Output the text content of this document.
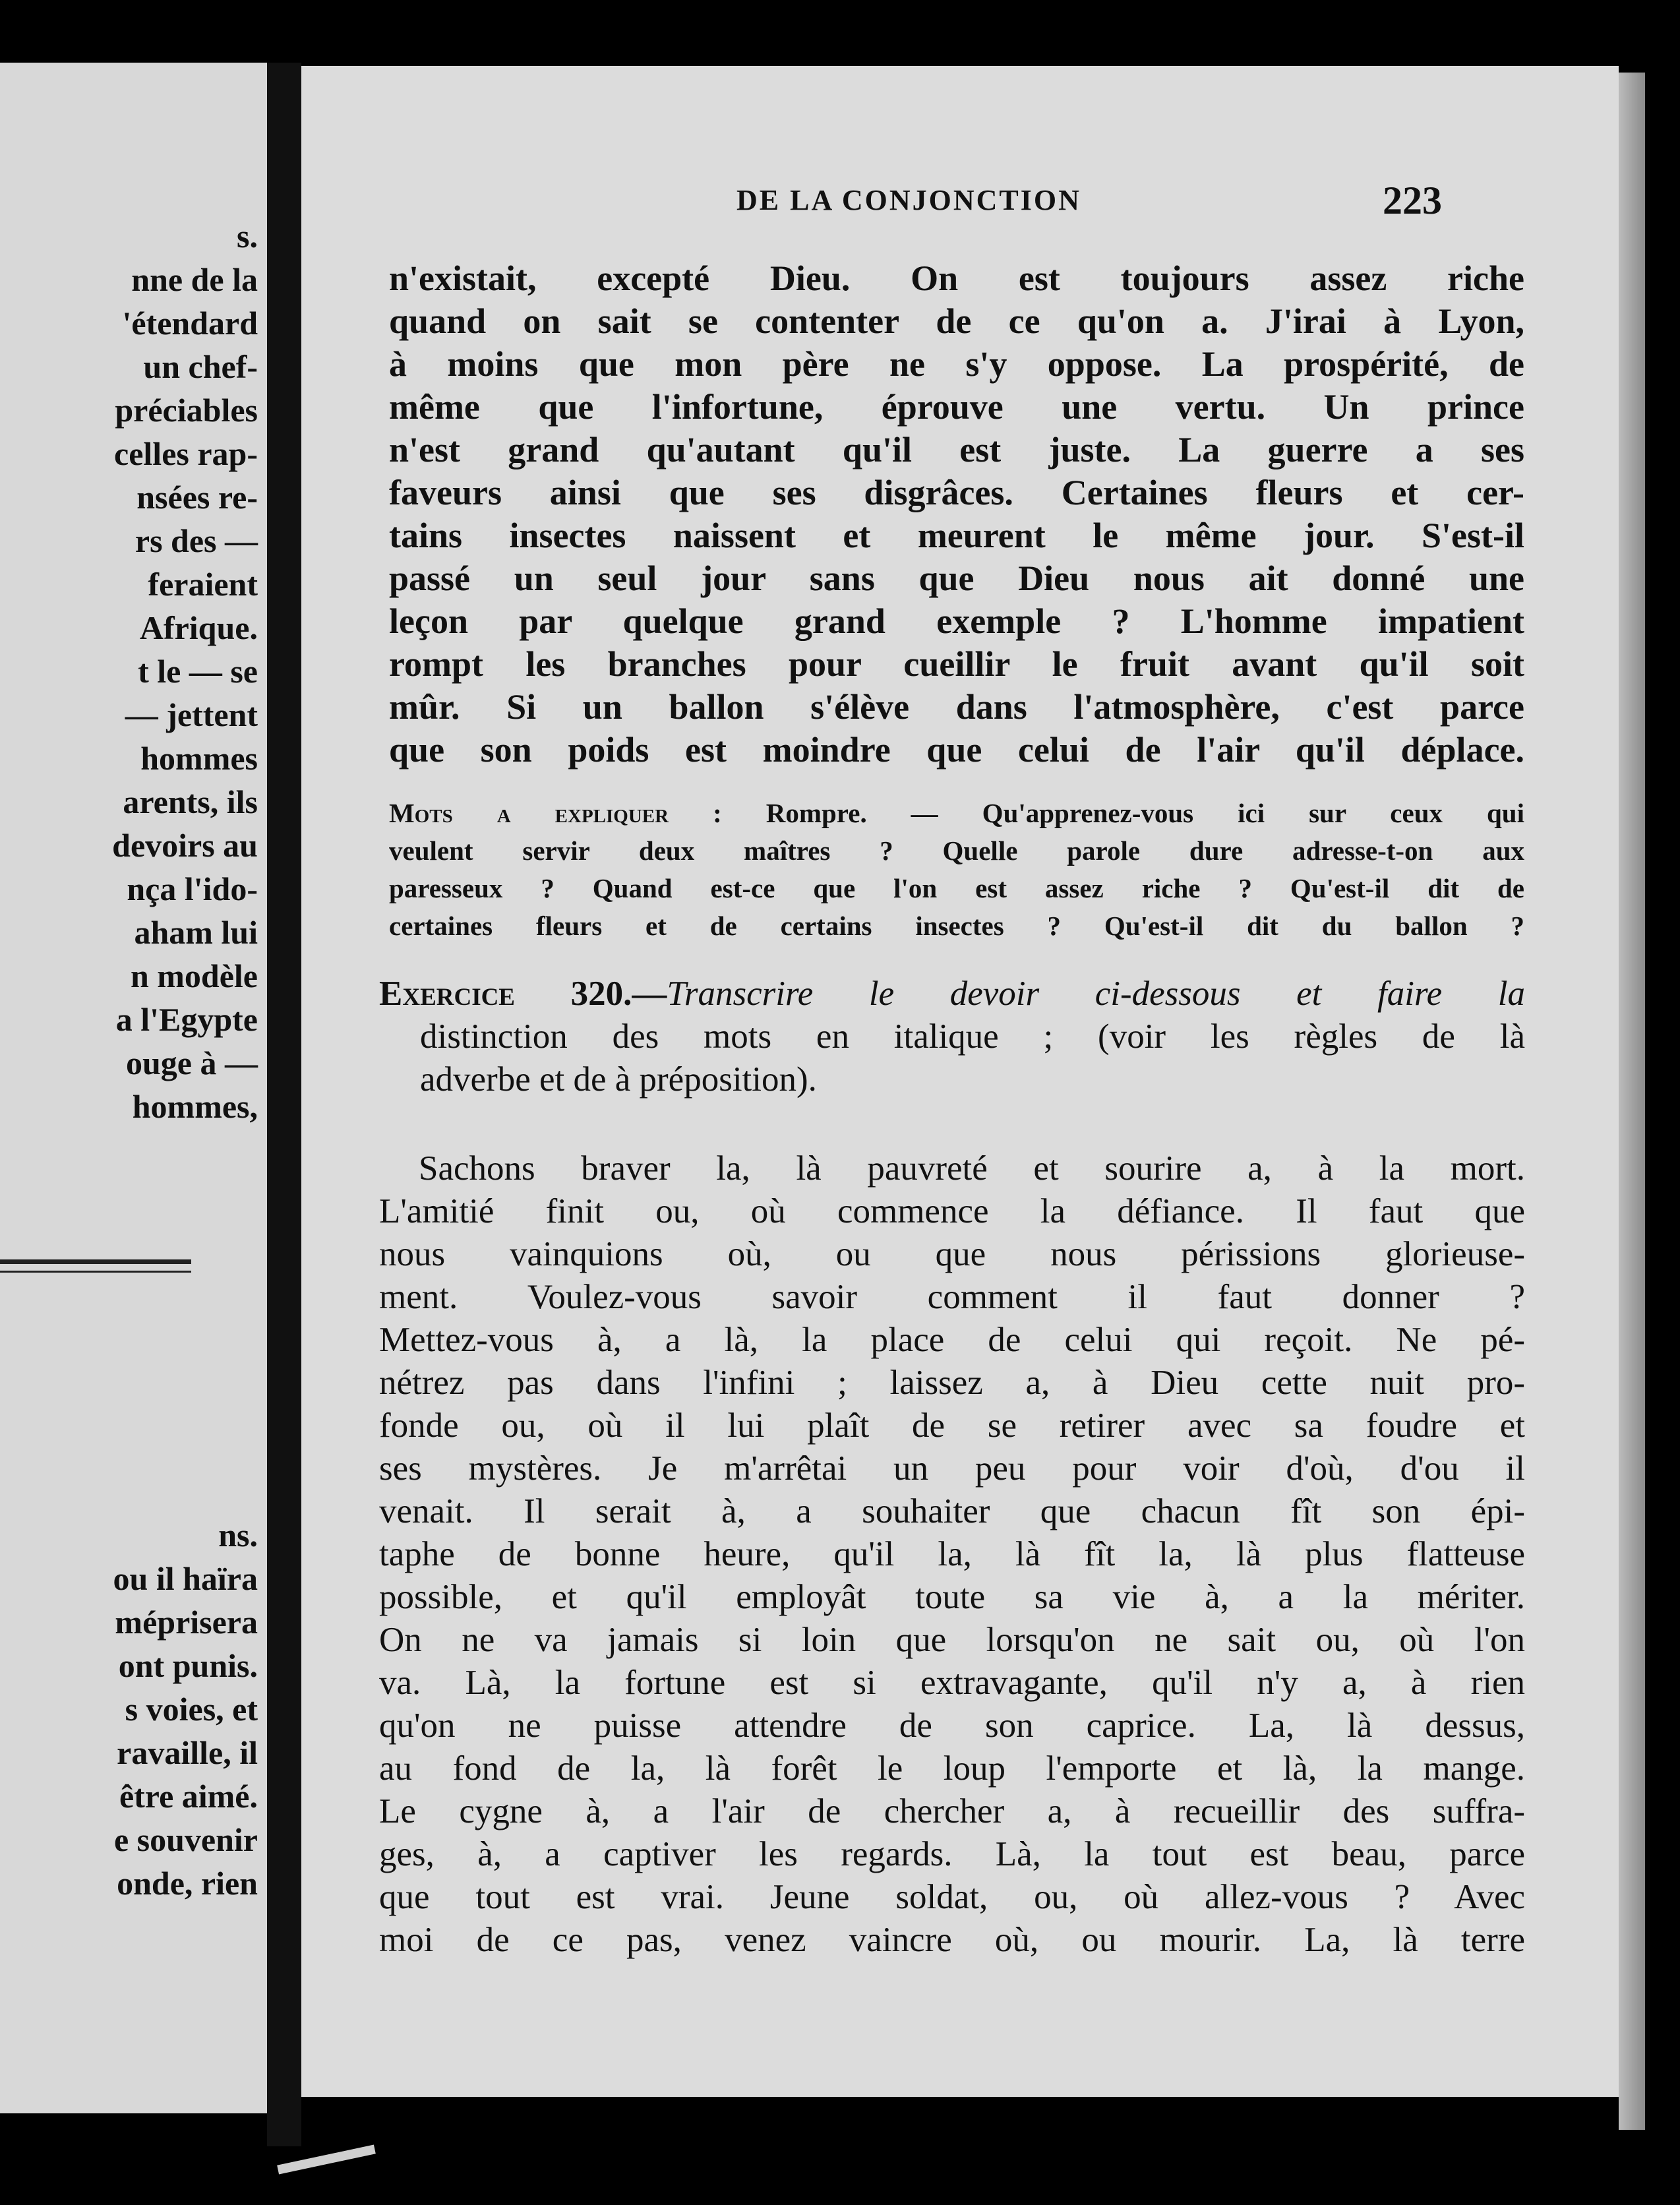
s.
nne de la
'étendard
un chef-
préciables
celles rap-
nsées re-
rs des —
feraient
Afrique.
t le — se
— jettent
hommes
arents, ils
devoirs au
nça l'ido-
aham lui
n modèle
a l'Egypte
ouge à —
hommes,
ns.
ou il haïra
méprisera
ont punis.
s voies, et
ravaille, il
être aimé.
e souvenir
onde, rien
DE LA CONJONCTION	223
n'existait, excepté Dieu. On est toujours assez riche
quand on sait se contenter de ce qu'on a. J'irai à Lyon,
à moins que mon père ne s'y oppose. La prospérité, de
même que l'infortune, éprouve une vertu. Un prince
n'est grand qu'autant qu'il est juste. La guerre a ses
faveurs ainsi que ses disgrâces. Certaines fleurs et cer-
tains insectes naissent et meurent le même jour. S'est-il
passé un seul jour sans que Dieu nous ait donné une
leçon par quelque grand exemple ? L'homme impatient
rompt les branches pour cueillir le fruit avant qu'il soit
mûr. Si un ballon s'élève dans l'atmosphère, c'est parce
que son poids est moindre que celui de l'air qu'il déplace.
Mots a expliquer : Rompre. — Qu'apprenez-vous ici sur ceux qui
veulent servir deux maîtres ? Quelle parole dure adresse-t-on aux
paresseux ? Quand est-ce que l'on est assez riche ? Qu'est-il dit de
certaines fleurs et de certains insectes ? Qu'est-il dit du ballon ?
Exercice 320.—Transcrire le devoir ci-dessous et faire la
distinction des mots en italique ; (voir les règles de là
adverbe et de à préposition).
Sachons braver la, là pauvreté et sourire a, à la mort.
L'amitié finit ou, où commence la défiance. Il faut que
nous vainquions où, ou que nous périssions glorieuse-
ment. Voulez-vous savoir comment il faut donner ?
Mettez-vous à, a là, la place de celui qui reçoit. Ne pé-
nétrez pas dans l'infini ; laissez a, à Dieu cette nuit pro-
fonde ou, où il lui plaît de se retirer avec sa foudre et
ses mystères. Je m'arrêtai un peu pour voir d'où, d'ou il
venait. Il serait à, a souhaiter que chacun fît son épi-
taphe de bonne heure, qu'il la, là fît la, là plus flatteuse
possible, et qu'il employât toute sa vie à, a la mériter.
On ne va jamais si loin que lorsqu'on ne sait ou, où l'on
va. Là, la fortune est si extravagante, qu'il n'y a, à rien
qu'on ne puisse attendre de son caprice. La, là dessus,
au fond de la, là forêt le loup l'emporte et là, la mange.
Le cygne à, a l'air de chercher a, à recueillir des suffra-
ges, à, a captiver les regards. Là, la tout est beau, parce
que tout est vrai. Jeune soldat, ou, où allez-vous ? Avec
moi de ce pas, venez vaincre où, ou mourir. La, là terre
